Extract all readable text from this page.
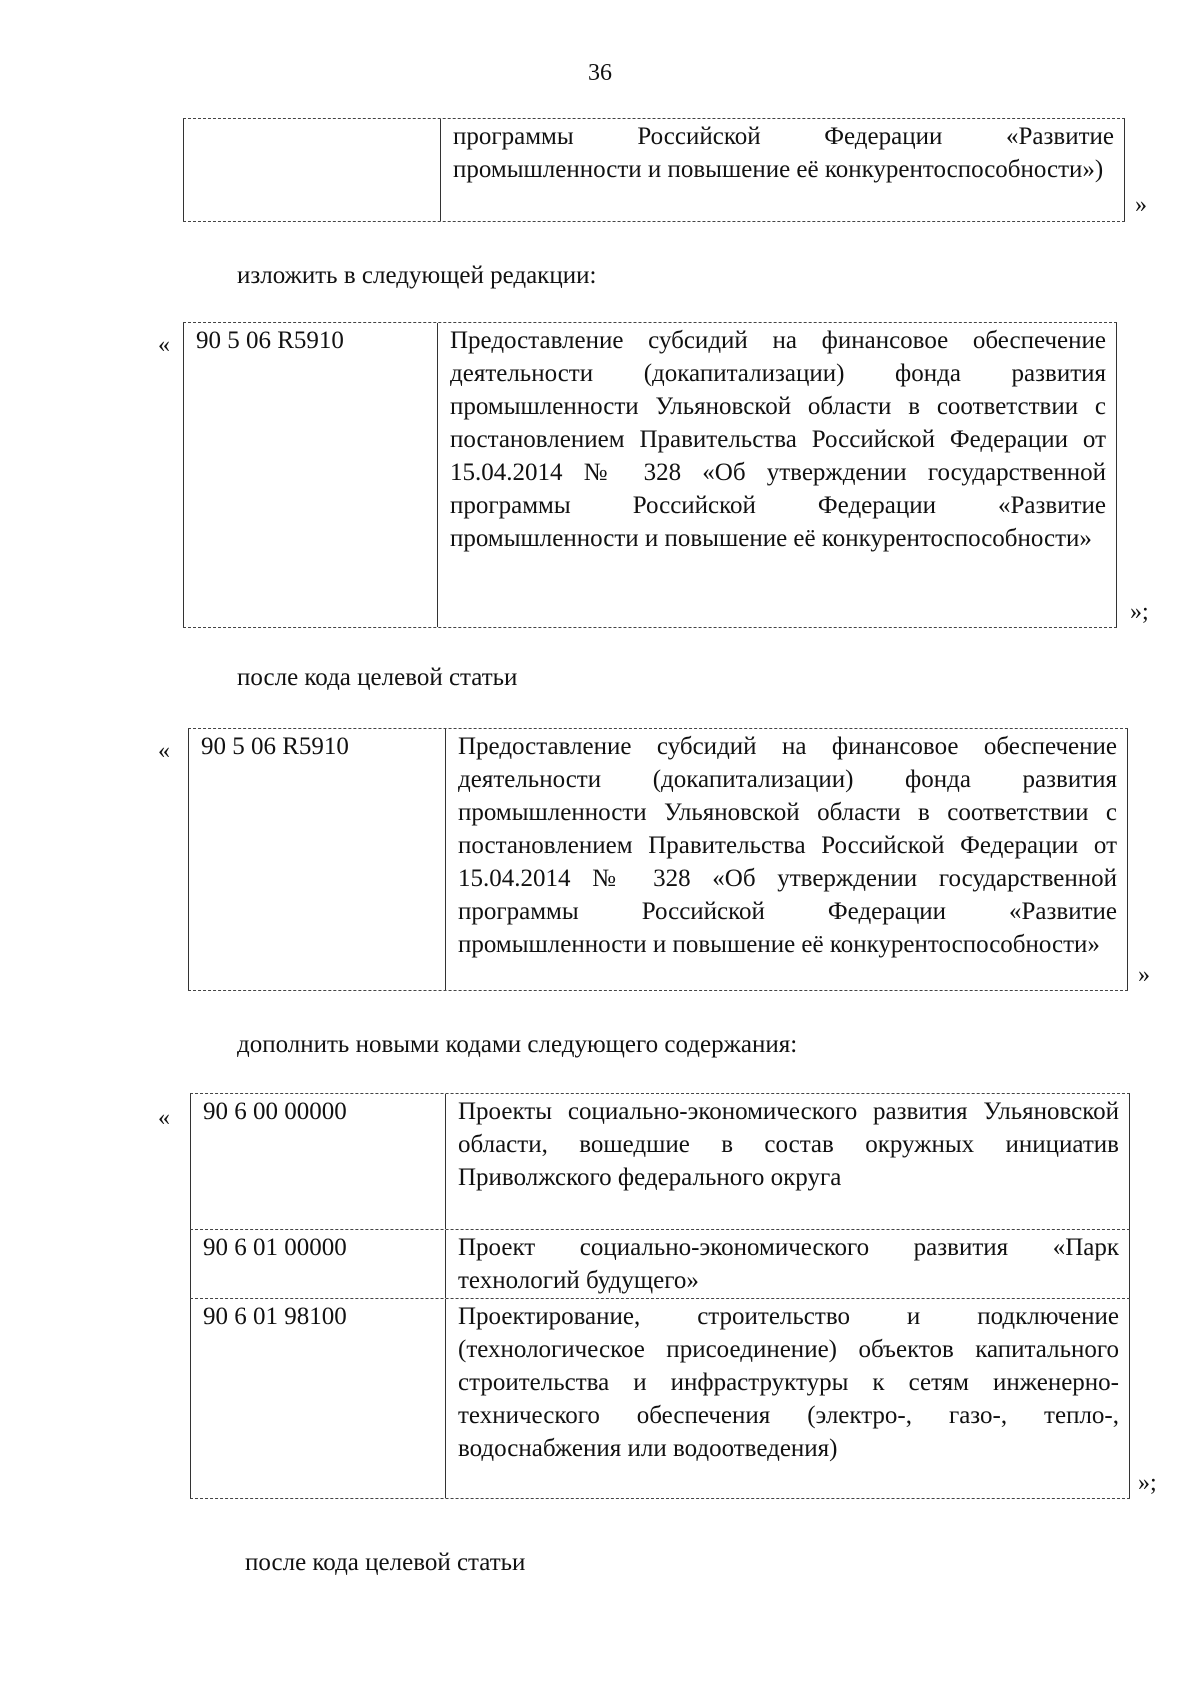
36
программы Российской Федерации «Развитие промышленности и повышение её конкурентоспособности»)
»
изложить в следующей редакции:
«	90 5 06 R5910	Предоставление субсидий на финансовое обеспечение деятельности (докапитализации) фонда развития промышленности Ульяновской области в соответствии с постановлением Правительства Российской Федерации от 15.04.2014 № 328 «Об утверждении государственной программы Российской Федерации «Развитие промышленности и повышение её конкурентоспособности»
»;
после кода целевой статьи
«	90 5 06 R5910	Предоставление субсидий на финансовое обеспечение деятельности (докапитализации) фонда развития промышленности Ульяновской области в соответствии с постановлением Правительства Российской Федерации от 15.04.2014 № 328 «Об утверждении государственной программы Российской Федерации «Развитие промышленности и повышение её конкурентоспособности»
»
дополнить новыми кодами следующего содержания:
«	90 6 00 00000	Проекты социально-экономического развития Ульяновской области, вошедшие в состав окружных инициатив Приволжского федерального округа
90 6 01 00000	Проект социально-экономического развития «Парк технологий будущего»
90 6 01 98100	Проектирование, строительство и подключение (технологическое присоединение) объектов капитального строительства и инфраструктуры к сетям инженерно-технического обеспечения (электро-, газо-, тепло-, водоснабжения или водоотведения)
»;
после кода целевой статьи
